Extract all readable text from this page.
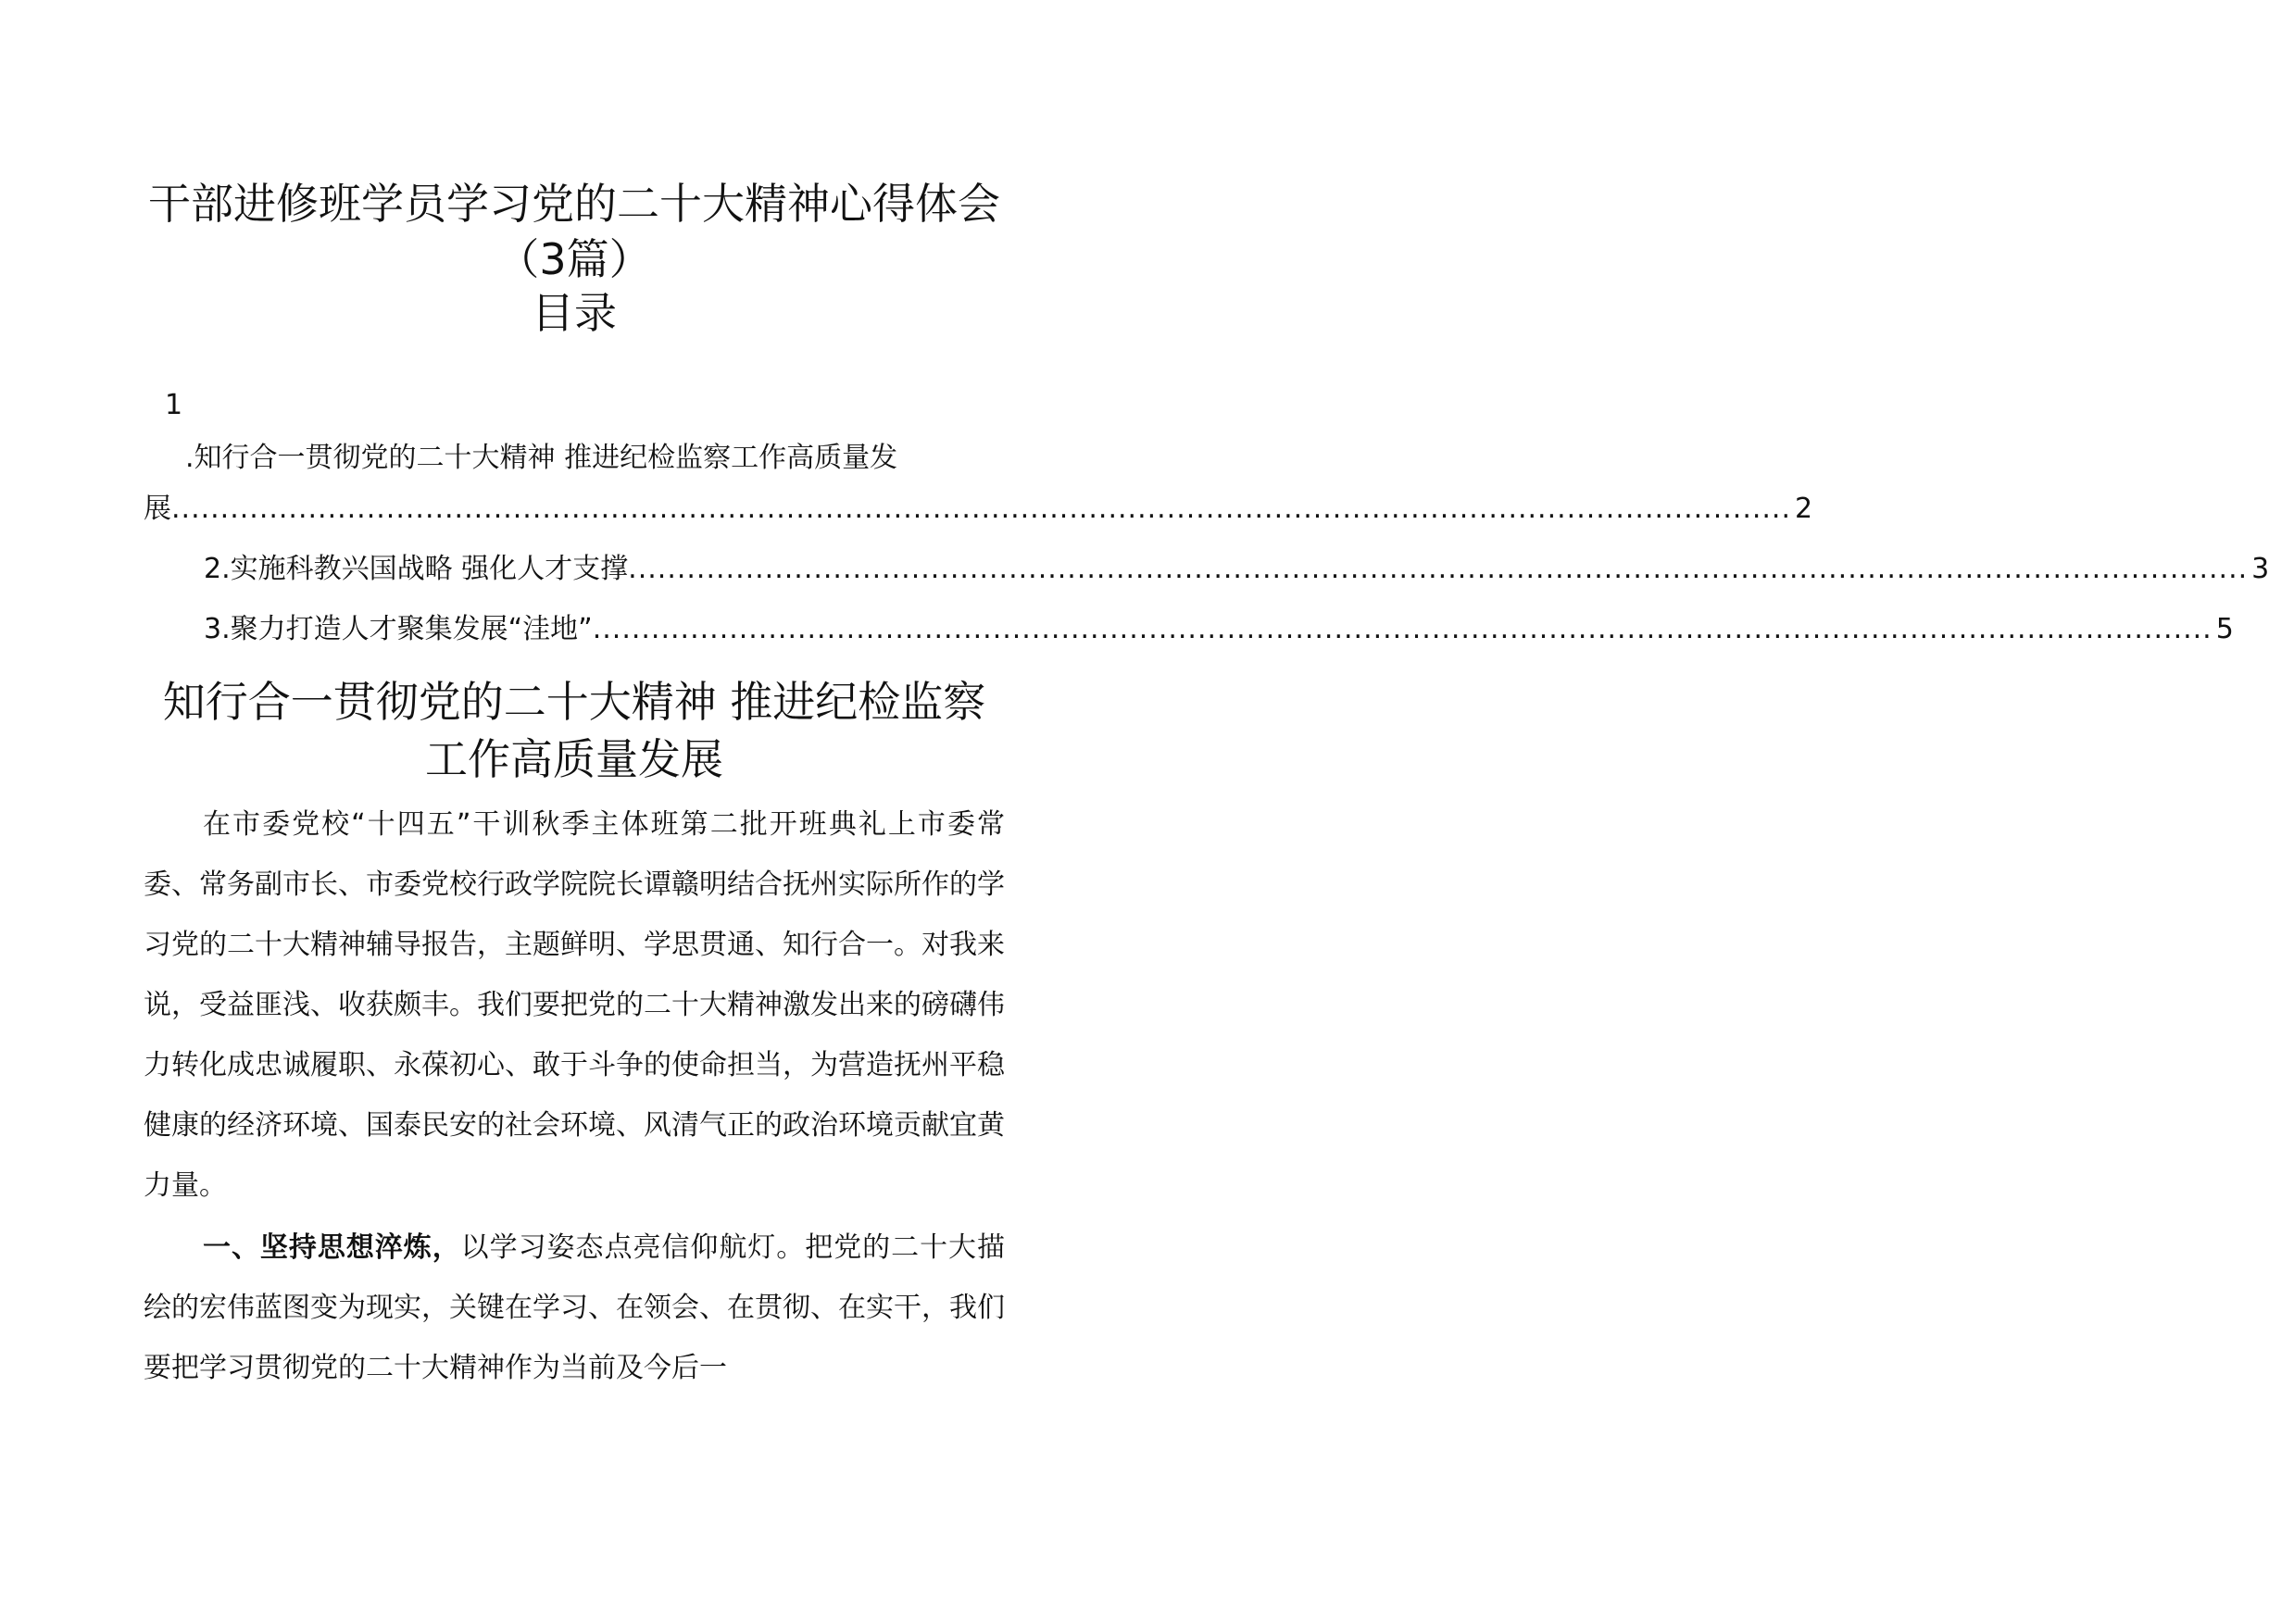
干部进修班学员学习党的二十大精神心得体会
（3篇）
目录
1
.知行合一贯彻党的二十大精神 推进纪检监察工作高质量发
展 ...................................................................................................................................................................... 2
2.实施科教兴国战略 强化人才支撑 ...................................................................................................................................................................... 3
3.聚力打造人才聚集发展“洼地” ...................................................................................................................................................................... 5
知行合一贯彻党的二十大精神 推进纪检监察
工作高质量发展
在市委党校“十四五”干训秋季主体班第二批开班典礼上市委常委、常务副市长、市委党校行政学院院长谭赣明结合抚州实际所作的学习党的二十大精神辅导报告，主题鲜明、学思贯通、知行合一。对我来说，受益匪浅、收获颇丰。我们要把党的二十大精神激发出来的磅礴伟力转化成忠诚履职、永葆初心、敢于斗争的使命担当，为营造抚州平稳健康的经济环境、国泰民安的社会环境、风清气正的政治环境贡献宜黄力量。
一、坚持思想淬炼，以学习姿态点亮信仰航灯。把党的二十大描绘的宏伟蓝图变为现实，关键在学习、在领会、在贯彻、在实干，我们要把学习贯彻党的二十大精神作为当前及今后一
